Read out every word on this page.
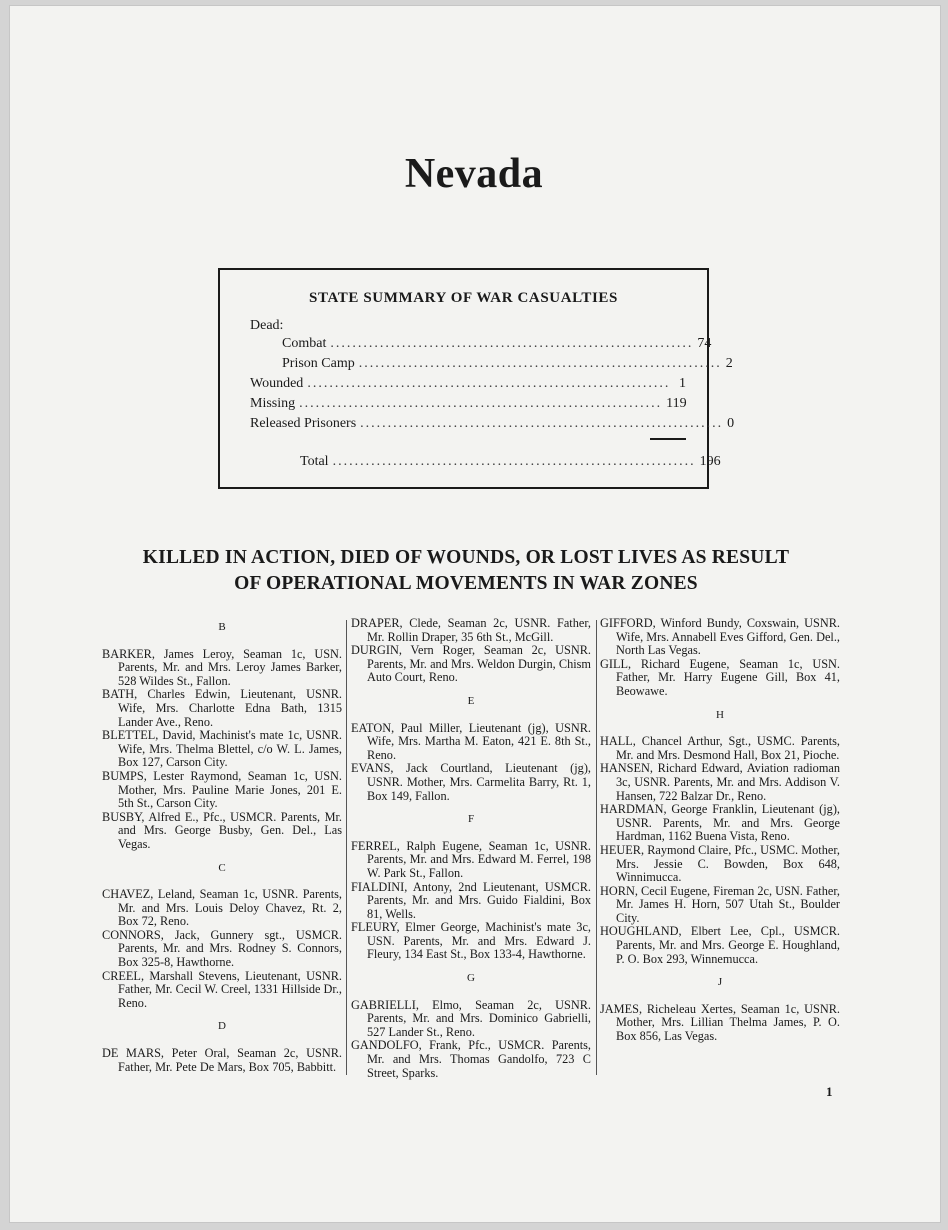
Nevada
STATE SUMMARY OF WAR CASUALTIES
Dead:
Combat .................................................................. 74
Prison Camp .................................................................. 2
Wounded .................................................................. 1
Missing .................................................................. 119
Released Prisoners .................................................................. 0
Total .................................................................. 196
KILLED IN ACTION, DIED OF WOUNDS, OR LOST LIVES AS RESULT
OF OPERATIONAL MOVEMENTS IN WAR ZONES
B
BARKER, James Leroy, Seaman 1c, USN. Parents, Mr. and Mrs. Leroy James Barker, 528 Wildes St., Fallon.
BATH, Charles Edwin, Lieutenant, USNR. Wife, Mrs. Charlotte Edna Bath, 1315 Lander Ave., Reno.
BLETTEL, David, Machinist's mate 1c, USNR. Wife, Mrs. Thelma Blettel, c/o W. L. James, Box 127, Carson City.
BUMPS, Lester Raymond, Seaman 1c, USN. Mother, Mrs. Pauline Marie Jones, 201 E. 5th St., Carson City.
BUSBY, Alfred E., Pfc., USMCR. Parents, Mr. and Mrs. George Busby, Gen. Del., Las Vegas.
C
CHAVEZ, Leland, Seaman 1c, USNR. Parents, Mr. and Mrs. Louis Deloy Chavez, Rt. 2, Box 72, Reno.
CONNORS, Jack, Gunnery sgt., USMCR. Parents, Mr. and Mrs. Rodney S. Connors, Box 325-8, Hawthorne.
CREEL, Marshall Stevens, Lieutenant, USNR. Father, Mr. Cecil W. Creel, 1331 Hillside Dr., Reno.
D
DE MARS, Peter Oral, Seaman 2c, USNR. Father, Mr. Pete De Mars, Box 705, Babbitt.
DRAPER, Clede, Seaman 2c, USNR. Father, Mr. Rollin Draper, 35 6th St., McGill.
DURGIN, Vern Roger, Seaman 2c, USNR. Parents, Mr. and Mrs. Weldon Durgin, Chism Auto Court, Reno.
E
EATON, Paul Miller, Lieutenant (jg), USNR. Wife, Mrs. Martha M. Eaton, 421 E. 8th St., Reno.
EVANS, Jack Courtland, Lieutenant (jg), USNR. Mother, Mrs. Carmelita Barry, Rt. 1, Box 149, Fallon.
F
FERREL, Ralph Eugene, Seaman 1c, USNR. Parents, Mr. and Mrs. Edward M. Ferrel, 198 W. Park St., Fallon.
FIALDINI, Antony, 2nd Lieutenant, USMCR. Parents, Mr. and Mrs. Guido Fialdini, Box 81, Wells.
FLEURY, Elmer George, Machinist's mate 3c, USN. Parents, Mr. and Mrs. Edward J. Fleury, 134 East St., Box 133-4, Hawthorne.
G
GABRIELLI, Elmo, Seaman 2c, USNR. Parents, Mr. and Mrs. Dominico Gabrielli, 527 Lander St., Reno.
GANDOLFO, Frank, Pfc., USMCR. Parents, Mr. and Mrs. Thomas Gandolfo, 723 C Street, Sparks.
GIFFORD, Winford Bundy, Coxswain, USNR. Wife, Mrs. Annabell Eves Gifford, Gen. Del., North Las Vegas.
GILL, Richard Eugene, Seaman 1c, USN. Father, Mr. Harry Eugene Gill, Box 41, Beowawe.
H
HALL, Chancel Arthur, Sgt., USMC. Parents, Mr. and Mrs. Desmond Hall, Box 21, Pioche.
HANSEN, Richard Edward, Aviation radioman 3c, USNR. Parents, Mr. and Mrs. Addison V. Hansen, 722 Balzar Dr., Reno.
HARDMAN, George Franklin, Lieutenant (jg), USNR. Parents, Mr. and Mrs. George Hardman, 1162 Buena Vista, Reno.
HEUER, Raymond Claire, Pfc., USMC. Mother, Mrs. Jessie C. Bowden, Box 648, Winnimucca.
HORN, Cecil Eugene, Fireman 2c, USN. Father, Mr. James H. Horn, 507 Utah St., Boulder City.
HOUGHLAND, Elbert Lee, Cpl., USMCR. Parents, Mr. and Mrs. George E. Houghland, P. O. Box 293, Winnemucca.
J
JAMES, Richeleau Xertes, Seaman 1c, USNR. Mother, Mrs. Lillian Thelma James, P. O. Box 856, Las Vegas.
1
